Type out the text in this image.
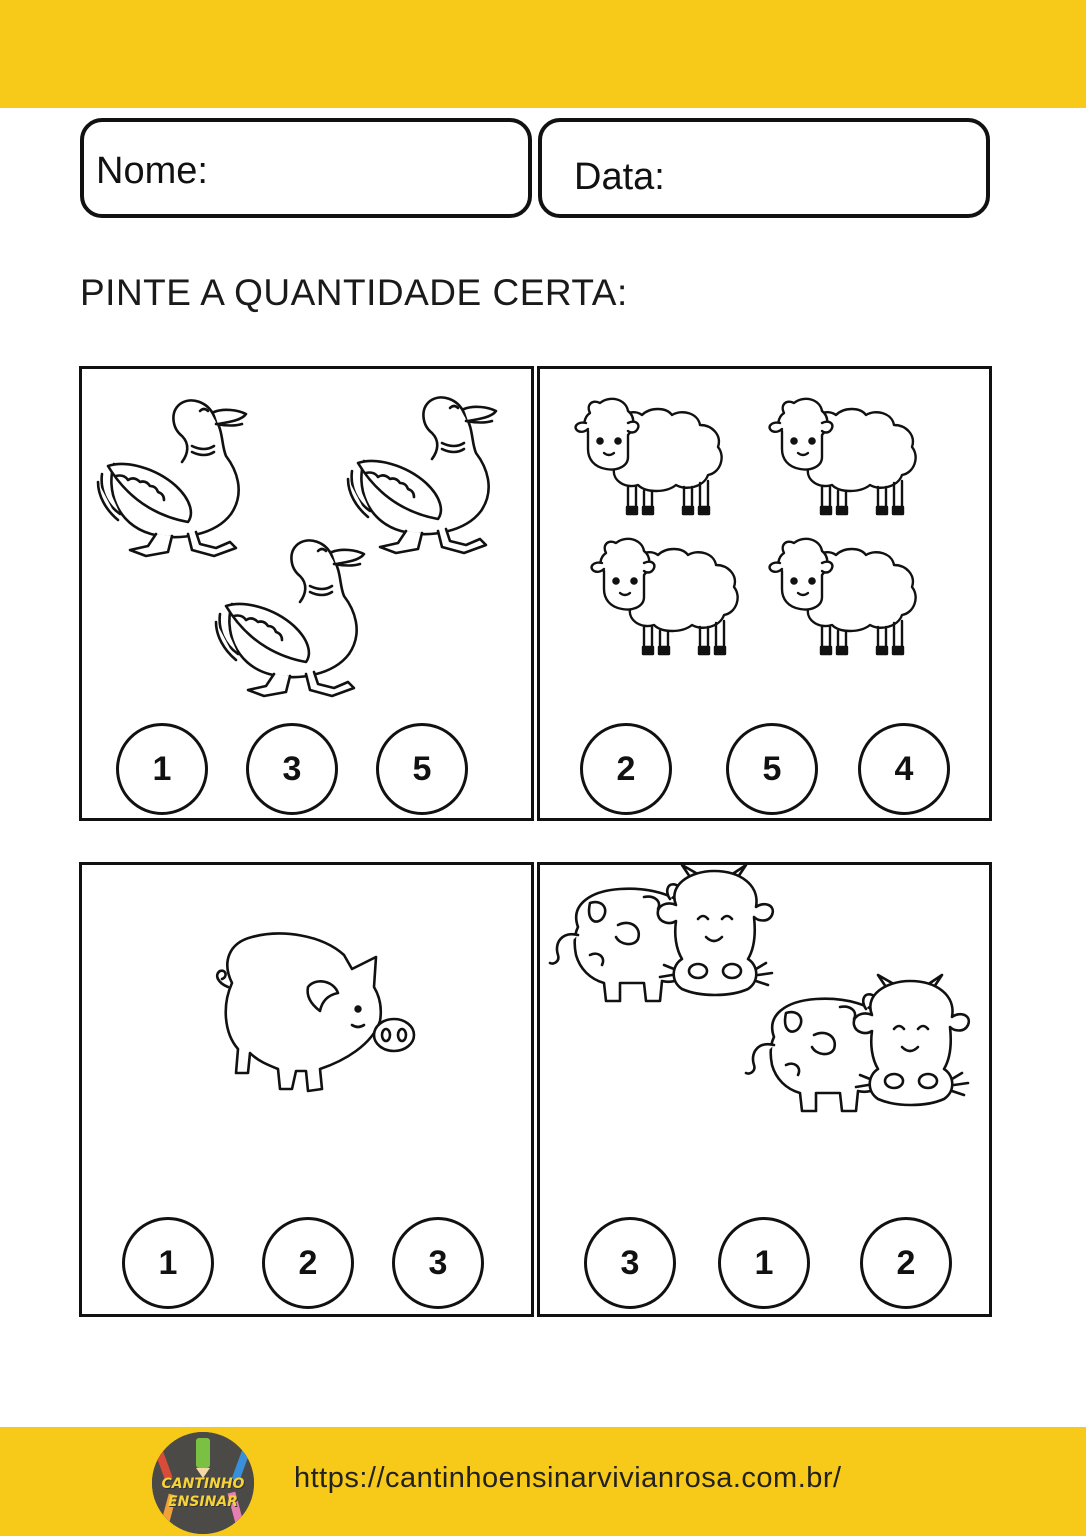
Nome:	Data:
PINTE A QUANTIDADE CERTA:
1	3	5	2	5	4
1	2	3	3	1	2
CANTINHO
ENSINAR
https://cantinhoensinarvivianrosa.com.br/
